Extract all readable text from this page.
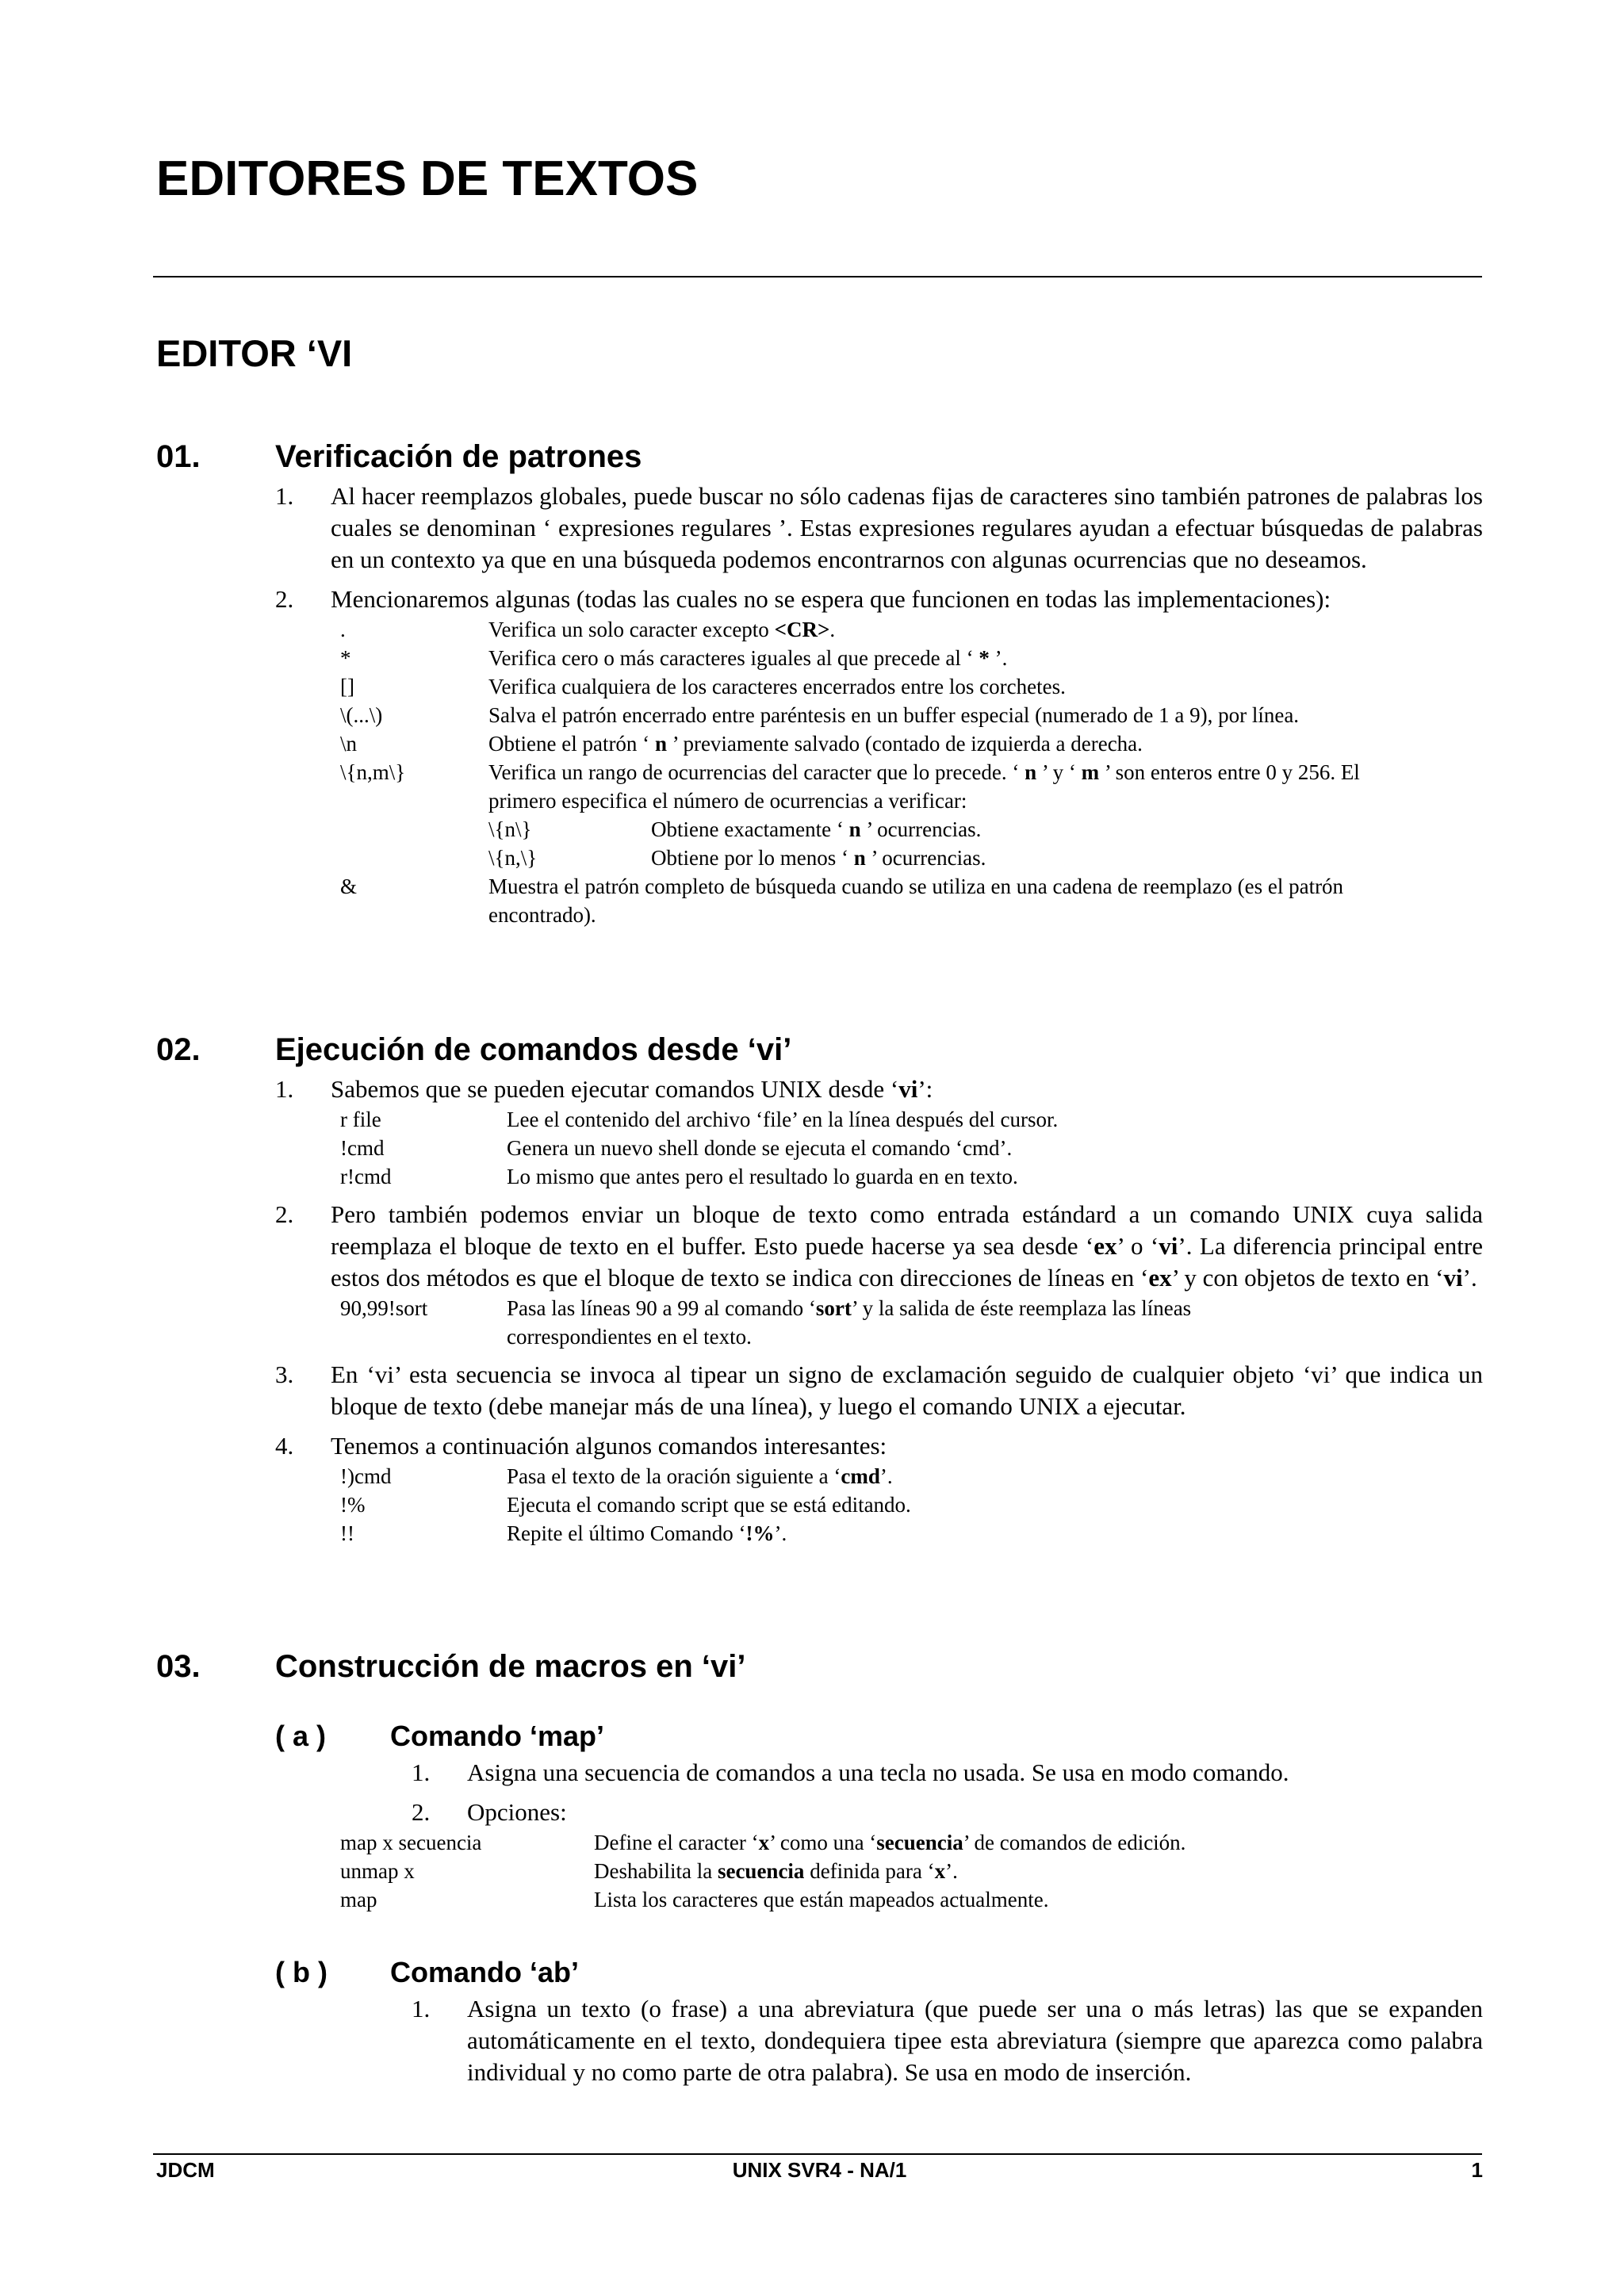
EDITORES DE TEXTOS
EDITOR ‘VI
01.	Verificación de patrones
1.	Al hacer reemplazos globales, puede buscar no sólo cadenas fijas de caracteres sino también patrones de palabras los cuales se denominan ‘ expresiones regulares ’. Estas expresiones regulares ayudan a efectuar búsquedas de palabras en un contexto ya que en una búsqueda podemos encontrarnos con algunas ocurrencias que no deseamos.
2.	Mencionaremos algunas (todas las cuales no se espera que funcionen en todas las implementaciones):
.	Verifica un solo caracter excepto <CR>.
*	Verifica cero o más caracteres iguales al que precede al ‘ * ’.
[]	Verifica cualquiera de los caracteres encerrados entre los corchetes.
\(...\)	Salva el patrón encerrado entre paréntesis en un buffer especial (numerado de 1 a 9), por línea.
\n	Obtiene el patrón ‘ n ’ previamente salvado (contado de izquierda a derecha.
\{n,m\}	Verifica un rango de ocurrencias del caracter que lo precede. ‘ n ’ y ‘ m ’ son enteros entre 0 y 256. El primero especifica el número de ocurrencias a verificar:
\{n\}	Obtiene exactamente ‘ n ’ ocurrencias.
\{n,\}	Obtiene por lo menos ‘ n ’ ocurrencias.
&	Muestra el patrón completo de búsqueda cuando se utiliza en una cadena de reemplazo (es el patrón encontrado).
02.	Ejecución de comandos desde ‘vi’
1.	Sabemos que se pueden ejecutar comandos UNIX desde ‘vi’:
r file	Lee el contenido del archivo ‘file’ en la línea después del cursor.
!cmd	Genera un nuevo shell donde se ejecuta el comando ‘cmd’.
r!cmd	Lo mismo que antes pero el resultado lo guarda en en texto.
2.	Pero también podemos enviar un bloque de texto como entrada estándard a un comando UNIX cuya salida reemplaza el bloque de texto en el buffer. Esto puede hacerse ya sea desde ‘ex’ o ‘vi’. La diferencia principal entre estos dos métodos es que el bloque de texto se indica con direcciones de líneas en ‘ex’ y con objetos de texto en ‘vi’.
90,99!sort	Pasa las líneas 90 a 99 al comando ‘sort’ y la salida de éste reemplaza las líneas correspondientes en el texto.
3.	En ‘vi’ esta secuencia se invoca al tipear un signo de exclamación seguido de cualquier objeto ‘vi’ que indica un bloque de texto (debe manejar más de una línea), y luego el comando UNIX a ejecutar.
4.	Tenemos a continuación algunos comandos interesantes:
!)cmd	Pasa el texto de la oración siguiente a ‘cmd’.
!%	Ejecuta el comando script que se está editando.
!!	Repite el último Comando ‘!%’.
03.	Construcción de macros en ‘vi’
( a )	Comando ‘map’
1.	Asigna una secuencia de comandos a una tecla no usada. Se usa en modo comando.
2.	Opciones:
map x secuencia	Define el caracter ‘x’ como una ‘secuencia’ de comandos de edición.
unmap x	Deshabilita la secuencia definida para ‘x’.
map	Lista los caracteres que están mapeados actualmente.
( b )	Comando ‘ab’
1.	Asigna un texto (o frase) a una abreviatura (que puede ser una o más letras) las que se expanden automáticamente en el texto, dondequiera tipee esta abreviatura (siempre que aparezca como palabra individual y no como parte de otra palabra). Se usa en modo de inserción.
JDCM	UNIX SVR4 - NA/1	1
